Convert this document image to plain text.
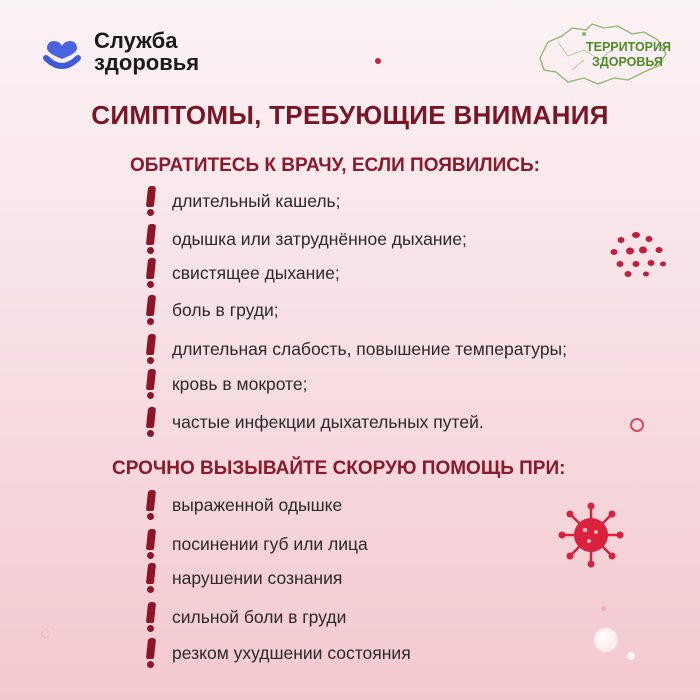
Служба
здоровья
ТЕРРИТОРИЯ
ЗДОРОВЬЯ
СИМПТОМЫ, ТРЕБУЮЩИЕ ВНИМАНИЯ
ОБРАТИТЕСЬ К ВРАЧУ, ЕСЛИ ПОЯВИЛИСЬ:
длительный кашель;
одышка или затруднённое дыхание;
свистящее дыхание;
боль в груди;
длительная слабость, повышение температуры;
кровь в мокроте;
частые инфекции дыхательных путей.
СРОЧНО ВЫЗЫВАЙТЕ СКОРУЮ ПОМОЩЬ ПРИ:
выраженной одышке
посинении губ или лица
нарушении сознания
сильной боли в груди
резком ухудшении состояния
